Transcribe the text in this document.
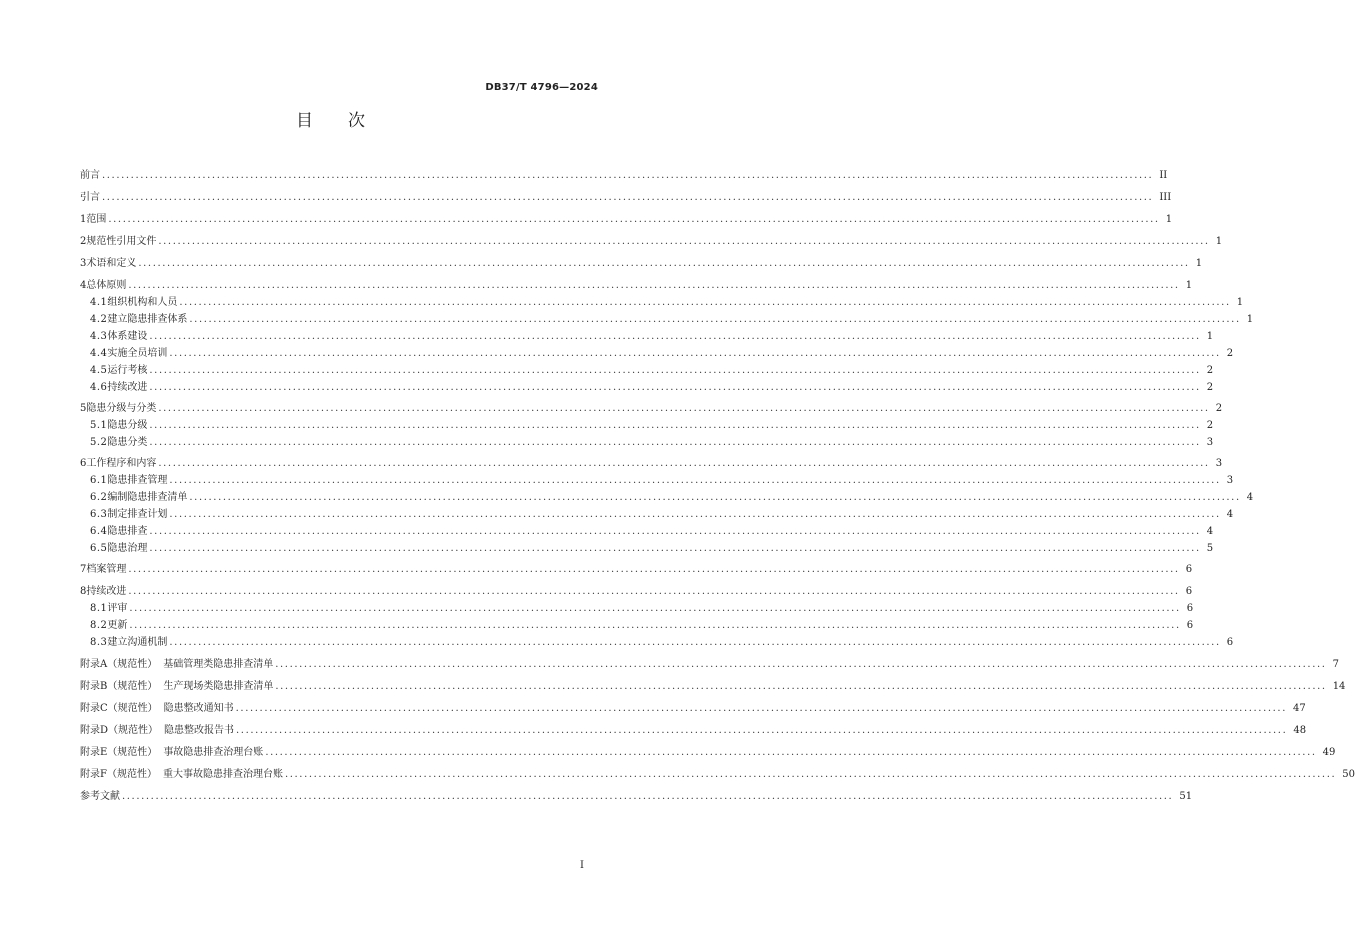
DB37/T 4796—2024
目 次
前言 ............................................................................................................................................................................................................................ II
引言 ............................................................................................................................................................................................................................ III
1 范围 ............................................................................................................................................................................................................................ 1
2 规范性引用文件 ............................................................................................................................................................................................................................ 1
3 术语和定义 ............................................................................................................................................................................................................................ 1
4 总体原则 ............................................................................................................................................................................................................................ 1
4.1 组织机构和人员 ............................................................................................................................................................................................................................ 1
4.2 建立隐患排查体系 ............................................................................................................................................................................................................................ 1
4.3 体系建设 ............................................................................................................................................................................................................................ 1
4.4 实施全员培训 ............................................................................................................................................................................................................................ 2
4.5 运行考核 ............................................................................................................................................................................................................................ 2
4.6 持续改进 ............................................................................................................................................................................................................................ 2
5 隐患分级与分类 ............................................................................................................................................................................................................................ 2
5.1 隐患分级 ............................................................................................................................................................................................................................ 2
5.2 隐患分类 ............................................................................................................................................................................................................................ 3
6 工作程序和内容 ............................................................................................................................................................................................................................ 3
6.1 隐患排查管理 ............................................................................................................................................................................................................................ 3
6.2 编制隐患排查清单 ............................................................................................................................................................................................................................ 4
6.3 制定排查计划 ............................................................................................................................................................................................................................ 4
6.4 隐患排查 ............................................................................................................................................................................................................................ 4
6.5 隐患治理 ............................................................................................................................................................................................................................ 5
7 档案管理 ............................................................................................................................................................................................................................ 6
8 持续改进 ............................................................................................................................................................................................................................ 6
8.1 评审 ............................................................................................................................................................................................................................ 6
8.2 更新 ............................................................................................................................................................................................................................ 6
8.3 建立沟通机制 ............................................................................................................................................................................................................................ 6
附录A（规范性） 基础管理类隐患排查清单 ............................................................................................................................................................................................................................ 7
附录B（规范性） 生产现场类隐患排查清单 ............................................................................................................................................................................................................................ 14
附录C（规范性） 隐患整改通知书 ............................................................................................................................................................................................................................ 47
附录D（规范性） 隐患整改报告书 ............................................................................................................................................................................................................................ 48
附录E（规范性） 事故隐患排查治理台账 ............................................................................................................................................................................................................................ 49
附录F（规范性） 重大事故隐患排查治理台账 ............................................................................................................................................................................................................................ 50
参考文献 ............................................................................................................................................................................................................................ 51
I
